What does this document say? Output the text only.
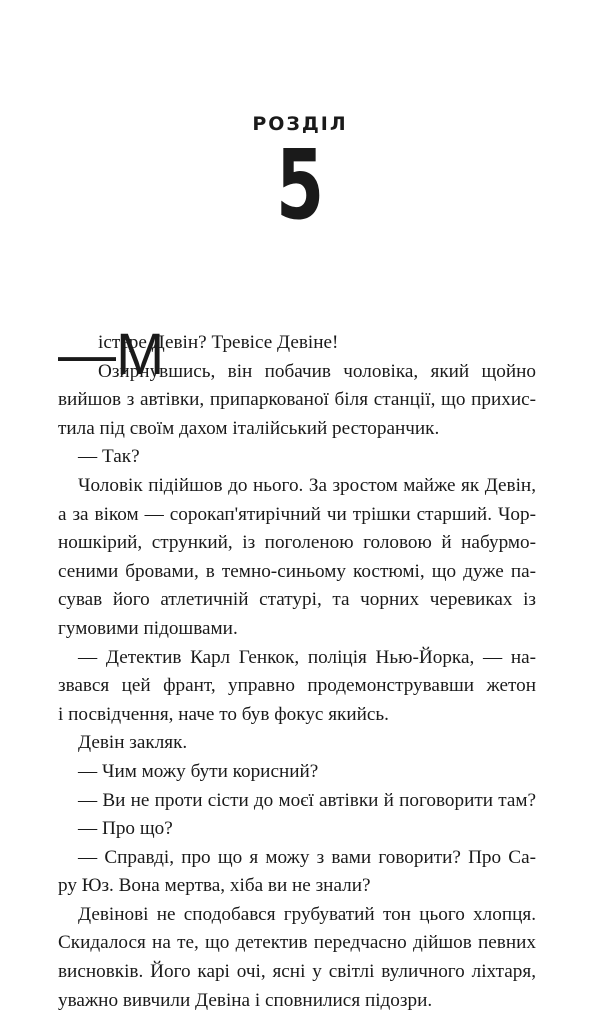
РОЗДІЛ
5
—М
істере Девін? Тревісе Девіне!
Озирнувшись, він побачив чоловіка, який щойно
вийшов з автівки, припаркованої біля станції, що прихис-
тила під своїм дахом італійський ресторанчик.
— Так?
Чоловік підійшов до нього. За зростом майже як Девін,
а за віком — сорокап'ятирічний чи трішки старший. Чор-
ношкірий, стрункий, із поголеною головою й набурмо-
сеними бровами, в темно-синьому костюмі, що дуже па-
сував його атлетичній статурі, та чорних черевиках із
гумовими підошвами.
— Детектив Карл Генкок, поліція Нью-Йорка, — на-
звався цей франт, управно продемонструвавши жетон
і посвідчення, наче то був фокус якийсь.
Девін закляк.
— Чим можу бути корисний?
— Ви не проти сісти до моєї автівки й поговорити там?
— Про що?
— Справді, про що я можу з вами говорити? Про Са-
ру Юз. Вона мертва, хіба ви не знали?
Девінові не сподобався грубуватий тон цього хлопця.
Скидалося на те, що детектив передчасно дійшов певних
висновків. Його карі очі, ясні у світлі вуличного ліхтаря,
уважно вивчили Девіна і сповнилися підозри.
